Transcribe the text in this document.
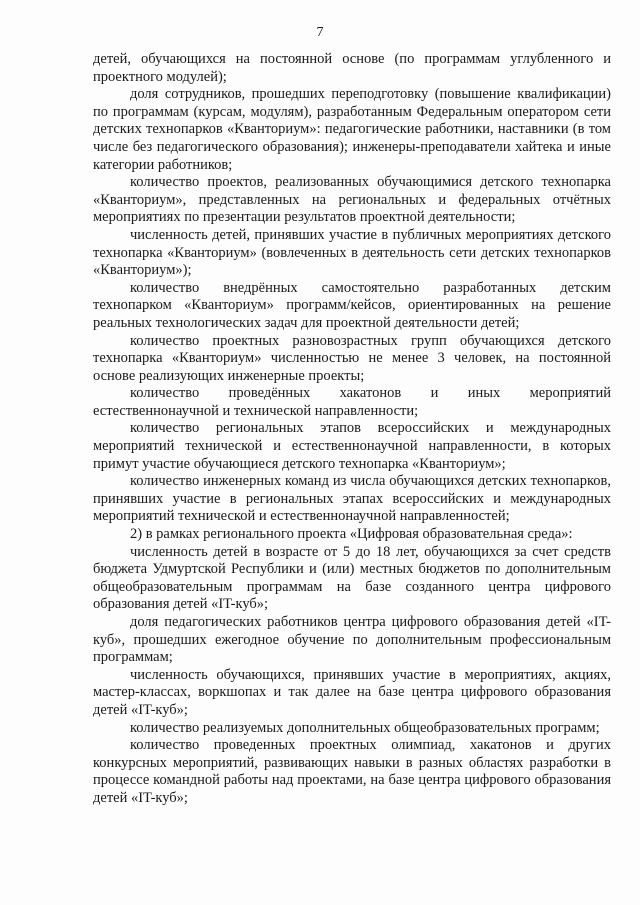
7

детей, обучающихся на постоянной основе (по программам углубленного и проектного модулей);

доля сотрудников, прошедших переподготовку (повышение квалификации) по программам (курсам, модулям), разработанным Федеральным оператором сети детских технопарков «Кванториум»: педагогические работники, наставники (в том числе без педагогического образования); инженеры-преподаватели хайтека и иные категории работников;

количество проектов, реализованных обучающимися детского технопарка «Кванториум», представленных на региональных и федеральных отчётных мероприятиях по презентации результатов проектной деятельности;

численность детей, принявших участие в публичных мероприятиях детского технопарка «Кванториум» (вовлеченных в деятельность сети детских технопарков «Кванториум»);

количество внедрённых самостоятельно разработанных детским технопарком «Кванториум» программ/кейсов, ориентированных на решение реальных технологических задач для проектной деятельности детей;

количество проектных разновозрастных групп обучающихся детского технопарка «Кванториум» численностью не менее 3 человек, на постоянной основе реализующих инженерные проекты;

количество проведённых хакатонов и иных мероприятий естественнонаучной и технической направленности;

количество региональных этапов всероссийских и международных мероприятий технической и естественнонаучной направленности, в которых примут участие обучающиеся детского технопарка «Кванториум»;

количество инженерных команд из числа обучающихся детских технопарков, принявших участие в региональных этапах всероссийских и международных мероприятий технической и естественнонаучной направленностей;

2) в рамках регионального проекта «Цифровая образовательная среда»:

численность детей в возрасте от 5 до 18 лет, обучающихся за счет средств бюджета Удмуртской Республики и (или) местных бюджетов по дополнительным общеобразовательным программам на базе созданного центра цифрового образования детей «IT-куб»;

доля педагогических работников центра цифрового образования детей «IT-куб», прошедших ежегодное обучение по дополнительным профессиональным программам;

численность обучающихся, принявших участие в мероприятиях, акциях, мастер-классах, воркшопах и так далее на базе центра цифрового образования детей «IT-куб»;

количество реализуемых дополнительных общеобразовательных программ;

количество проведенных проектных олимпиад, хакатонов и других конкурсных мероприятий, развивающих навыки в разных областях разработки в процессе командной работы над проектами, на базе центра цифрового образования детей «IT-куб»;
